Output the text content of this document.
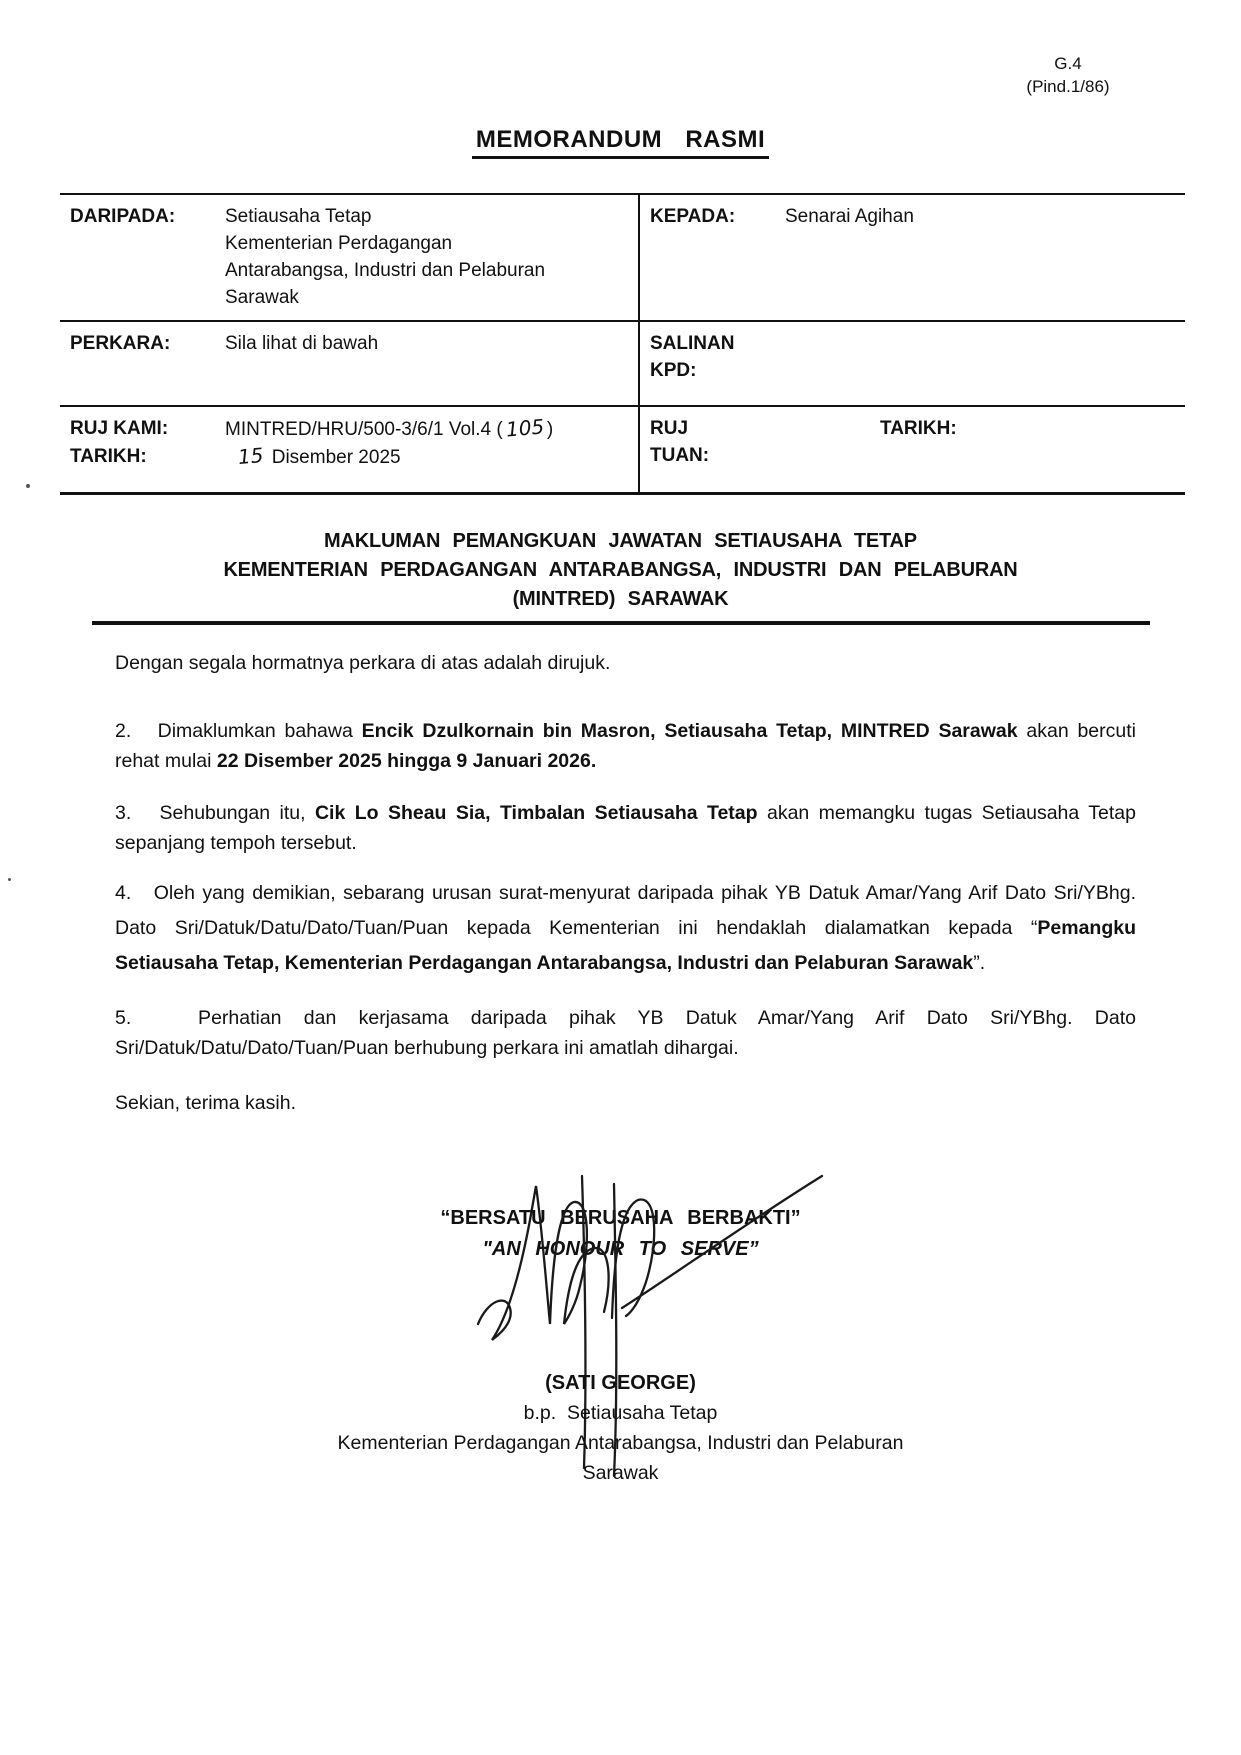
G.4
(Pind.1/86)
MEMORANDUM RASMI
DARIPADA:	Setiausaha Tetap
Kementerian Perdagangan
Antarabangsa, Industri dan Pelaburan
Sarawak
KEPADA:	Senarai Agihan
PERKARA:	Sila lihat di bawah	SALINAN
KPD:
RUJ KAMI:	MINTRED/HRU/500-3/6/1 Vol.4 (105 )
TARIKH:	15 Disember 2025
RUJ
TUAN:
TARIKH:
MAKLUMAN PEMANGKUAN JAWATAN SETIAUSAHA TETAP
KEMENTERIAN PERDAGANGAN ANTARABANGSA, INDUSTRI DAN PELABURAN
(MINTRED) SARAWAK

Dengan segala hormatnya perkara di atas adalah dirujuk.

2.   Dimaklumkan bahawa Encik Dzulkornain bin Masron, Setiausaha Tetap, MINTRED Sarawak akan bercuti rehat mulai 22 Disember 2025 hingga 9 Januari 2026.

3.   Sehubungan itu, Cik Lo Sheau Sia, Timbalan Setiausaha Tetap akan memangku tugas Setiausaha Tetap sepanjang tempoh tersebut.

4.   Oleh yang demikian, sebarang urusan surat-menyurat daripada pihak YB Datuk Amar/Yang Arif Dato Sri/YBhg. Dato Sri/Datuk/Datu/Dato/Tuan/Puan kepada Kementerian ini hendaklah dialamatkan kepada “Pemangku Setiausaha Tetap, Kementerian Perdagangan Antarabangsa, Industri dan Pelaburan Sarawak”.

5.   Perhatian dan kerjasama daripada pihak YB Datuk Amar/Yang Arif Dato Sri/YBhg. Dato Sri/Datuk/Datu/Dato/Tuan/Puan berhubung perkara ini amatlah dihargai.

Sekian, terima kasih.

“BERSATU BERUSAHA BERBAKTI”
"AN HONOUR TO SERVE”
(SATI GEORGE)
b.p.  Setiausaha Tetap
Kementerian Perdagangan Antarabangsa, Industri dan Pelaburan
Sarawak
